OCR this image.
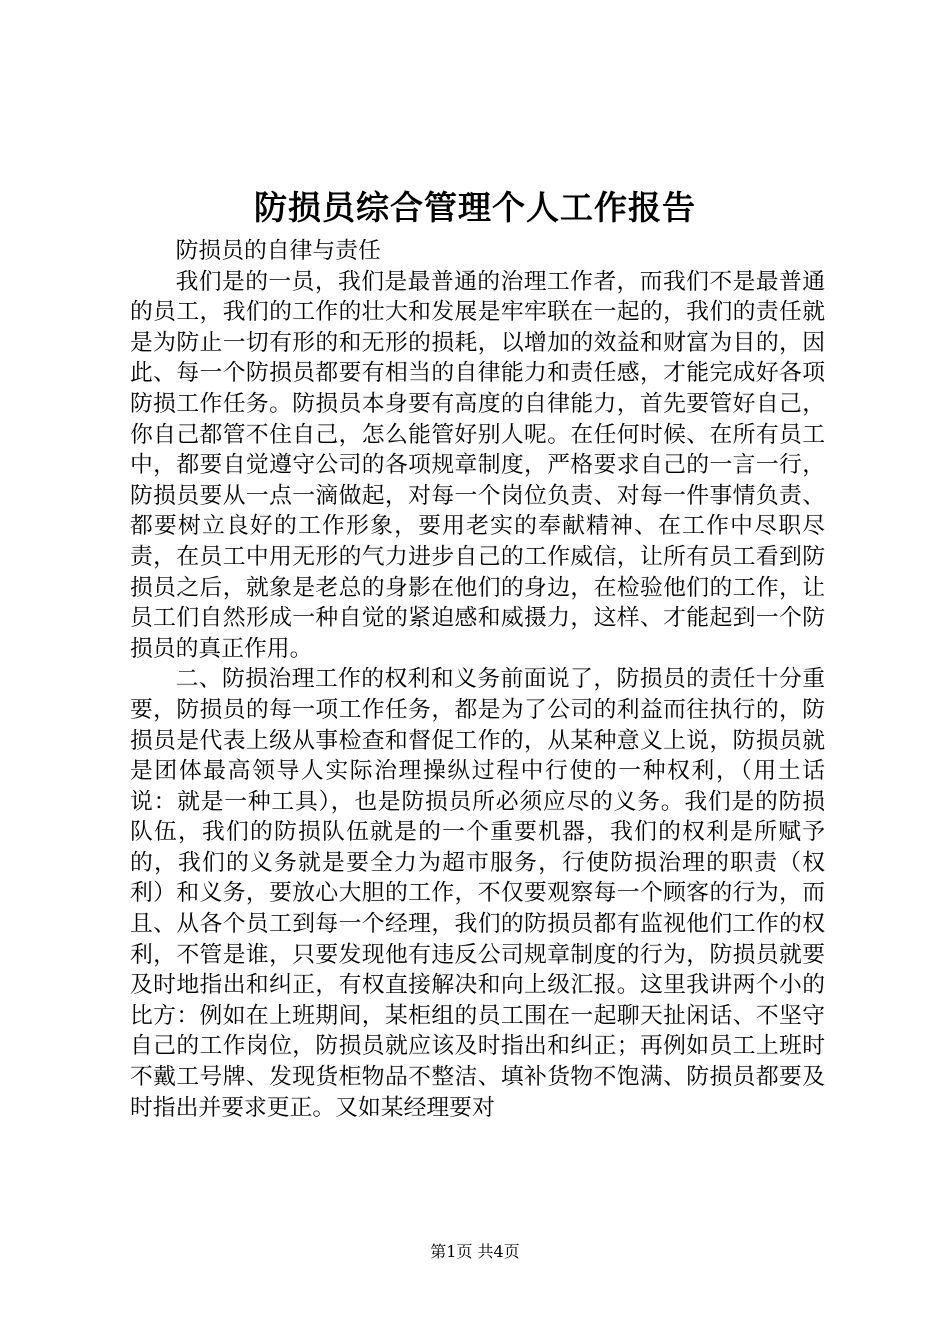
防损员综合管理个人工作报告
防损员的自律与责任

我们是的一员，我们是最普通的治理工作者，而我们不是最普通的员工，我们的工作的壮大和发展是牢牢联在一起的，我们的责任就是为防止一切有形的和无形的损耗，以增加的效益和财富为目的，因此、每一个防损员都要有相当的自律能力和责任感，才能完成好各项防损工作任务。防损员本身要有高度的自律能力，首先要管好自己，你自己都管不住自己，怎么能管好别人呢。在任何时候、在所有员工中，都要自觉遵守公司的各项规章制度，严格要求自己的一言一行，防损员要从一点一滴做起，对每一个岗位负责、对每一件事情负责、都要树立良好的工作形象，要用老实的奉献精神、在工作中尽职尽责，在员工中用无形的气力进步自己的工作威信，让所有员工看到防损员之后，就象是老总的身影在他们的身边，在检验他们的工作，让员工们自然形成一种自觉的紧迫感和威摄力，这样、才能起到一个防损员的真正作用。

二、防损治理工作的权利和义务前面说了，防损员的责任十分重要，防损员的每一项工作任务，都是为了公司的利益而往执行的，防损员是代表上级从事检查和督促工作的，从某种意义上说，防损员就是团体最高领导人实际治理操纵过程中行使的一种权利，（用土话说：就是一种工具），也是防损员所必须应尽的义务。我们是的防损队伍，我们的防损队伍就是的一个重要机器，我们的权利是所赋予的，我们的义务就是要全力为超市服务，行使防损治理的职责（权利）和义务，要放心大胆的工作，不仅要观察每一个顾客的行为，而且、从各个员工到每一个经理，我们的防损员都有监视他们工作的权利，不管是谁，只要发现他有违反公司规章制度的行为，防损员就要及时地指出和纠正，有权直接解决和向上级汇报。这里我讲两个小的比方：例如在上班期间，某柜组的员工围在一起聊天扯闲话、不坚守自己的工作岗位，防损员就应该及时指出和纠正；再例如员工上班时不戴工号牌、发现货柜物品不整洁、填补货物不饱满、防损员都要及时指出并要求更正。又如某经理要对

第1页 共4页
